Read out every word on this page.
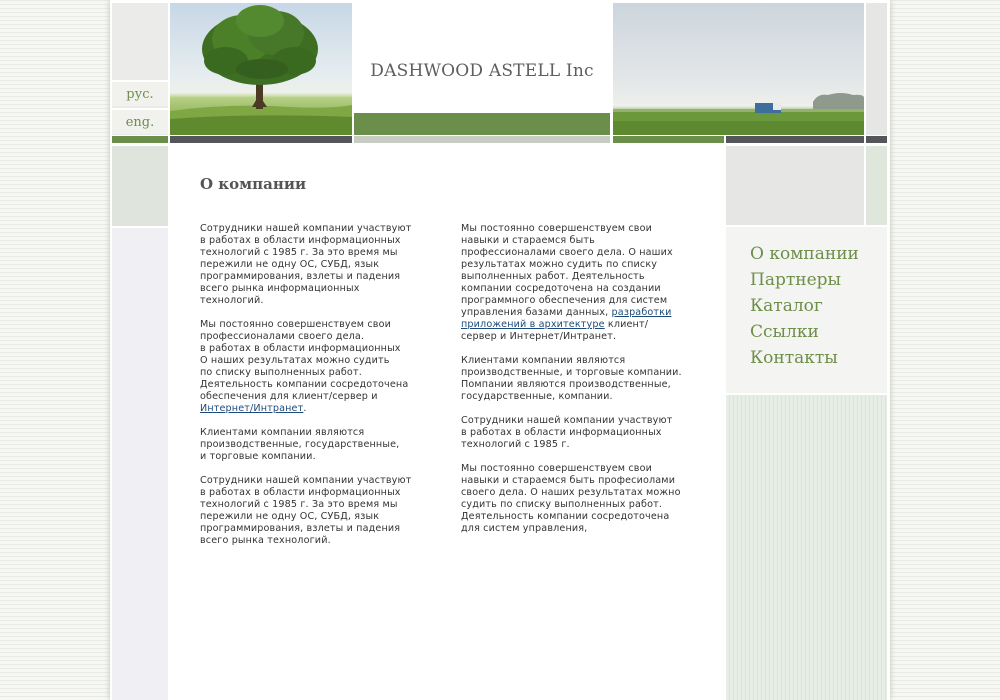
рус.
eng.
DASHWOOD ASTELL Inc
О компании

Сотрудники нашей компании участвуют
в работах в области информационных
технологий с 1985 г. За это время мы
пережили не одну ОС, СУБД, язык
программирования, взлеты и падения
всего рынка информационных
технологий.

Мы постоянно совершенствуем свои
профессионалами своего дела.
в работах в области информационных
О наших результатах можно судить
по списку выполненных работ.
Деятельность компании сосредоточена
обеспечения для клиент/сервер и
Интернет/Интранет.

Клиентами компании являются
производственные, государственные,
и торговые компании.

Сотрудники нашей компании участвуют
в работах в области информационных
технологий с 1985 г. За это время мы
пережили не одну ОС, СУБД, язык
программирования, взлеты и падения
всего рынка технологий.

Мы постоянно совершенствуем свои
навыки и стараемся быть
профессионалами своего дела. О наших
результатах можно судить по списку
выполненных работ. Деятельность
компании сосредоточена на создании
программного обеспечения для систем
управления базами данных, разработки
приложений в архитектуре клиент/
сервер и Интернет/Интранет.

Клиентами компании являются
производственные, и торговые компании.
Помпании являются производственные,
государственные, компании.

Сотрудники нашей компании участвуют
в работах в области информационных
технологий с 1985 г.

Мы постоянно совершенствуем свои
навыки и стараемся быть професиолами
своего дела. О наших результатах можно
судить по списку выполненных работ.
Деятельность компании сосредоточена
для систем управления,

О компании
Партнеры
Каталог
Ссылки
Контакты
